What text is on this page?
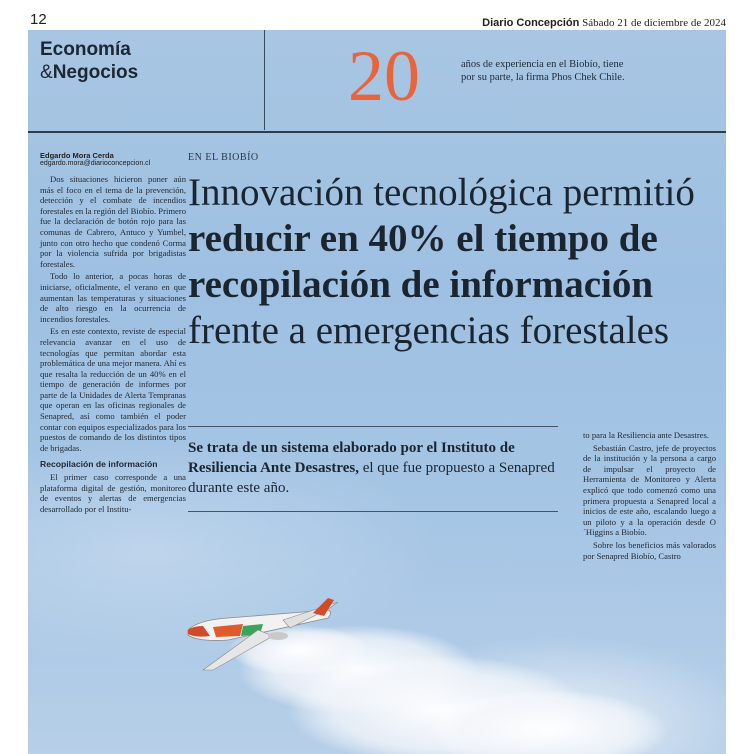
12	Diario Concepción Sábado 21 de diciembre de 2024
Economía
&Negocios	20	años de experiencia en el Biobío, tiene por su parte, la firma Phos Chek Chile.
Edgardo Mora Cerda
edgardo.mora@diarioconcepcion.cl

Dos situaciones hicieron poner aún más el foco en el tema de la prevención, detección y el combate de incendios forestales en la región del Biobío. Primero fue la declaración de botón rojo para las comunas de Cabrero, Antuco y Yumbel, junto con otro hecho que condenó Corma por la violencia sufrida por brigadistas forestales.

Todo lo anterior, a pocas horas de iniciarse, oficialmente, el verano en que aumentan las temperaturas y situaciones de alto riesgo en la ocurrencia de incendios forestales.

Es en este contexto, reviste de especial relevancia avanzar en el uso de tecnologías que permitan abordar esta problemática de una mejor manera. Ahí es que resalta la reducción de un 40% en el tiempo de generación de informes por parte de la Unidades de Alerta Tempranas que operan en las oficinas regionales de Senapred, así como también el poder contar con equipos especializados para los puestos de comando de los distintos tipos de brigadas.

Recopilación de información

El primer caso corresponde a una plataforma digital de gestión, monitoreo de eventos y alertas de emergencias desarrollado por el Institu-

EN EL BIOBÍO
Innovación tecnológica permitió reducir en 40% el tiempo de recopilación de información frente a emergencias forestales
Se trata de un sistema elaborado por el Instituto de Resiliencia Ante Desastres, el que fue propuesto a Senapred durante este año.

to para la Resiliencia ante Desastres.

Sebastián Castro, jefe de proyectos de la institución y la persona a cargo de impulsar el proyecto de Herramienta de Monitoreo y Alerta explicó que todo comenzó como una primera propuesta a Senapred local a inicios de este año, escalando luego a un piloto y a la operación desde O´Higgins a Biobío.

Sobre los beneficios más valorados por Senapred Biobío, Castro
